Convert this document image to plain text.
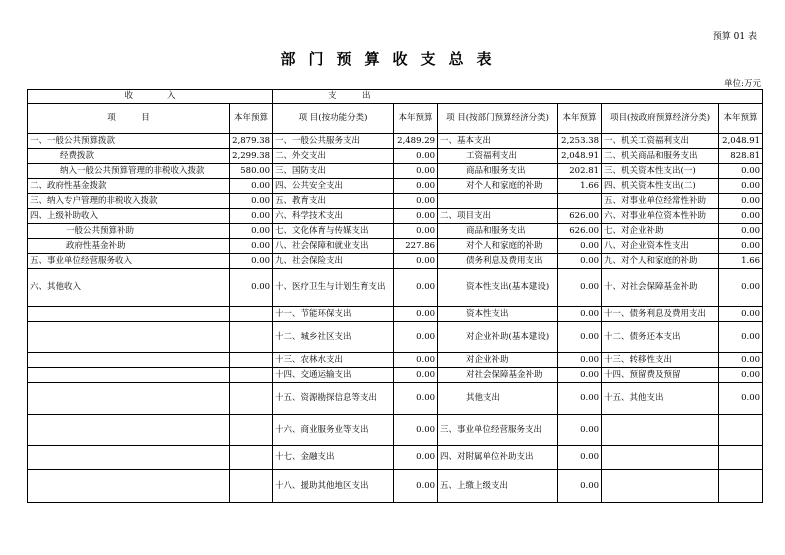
预算 01 表
部门预算收支总表
单位:万元
收　　　　入		支　　　出					
项　　　目	本年预算	项 目(按功能分类)	本年预算	项 目(按部门预算经济分类)	本年预算	项目(按政府预算经济分类)	本年预算
一、一般公共预算拨款	2,879.38	一、一般公共服务支出	2,489.29	一、基本支出	2,253.38	一、机关工资福利支出	2,048.91
经费拨款	2,299.38	二、外交支出	0.00	工资福利支出	2,048.91	二、机关商品和服务支出	828.81
纳入一般公共预算管理的非税收入拨款	580.00	三、国防支出	0.00	商品和服务支出	202.81	三、机关资本性支出(一)	0.00
二、政府性基金拨款	0.00	四、公共安全支出	0.00	对个人和家庭的补助	1.66	四、机关资本性支出(二)	0.00
三、纳入专户管理的非税收入拨款	0.00	五、教育支出	0.00			五、对事业单位经常性补助	0.00
四、上级补助收入	0.00	六、科学技术支出	0.00	二、项目支出	626.00	六、对事业单位资本性补助	0.00
一般公共预算补助	0.00	七、文化体育与传媒支出	0.00	商品和服务支出	626.00	七、对企业补助	0.00
政府性基金补助	0.00	八、社会保障和就业支出	227.86	对个人和家庭的补助	0.00	八、对企业资本性支出	0.00
五、事业单位经营服务收入	0.00	九、社会保险支出	0.00	债务利息及费用支出	0.00	九、对个人和家庭的补助	1.66
六、其他收入	0.00	十、医疗卫生与计划生育支出	0.00	资本性支出(基本建设)	0.00	十、对社会保障基金补助	0.00
		十一、节能环保支出	0.00	资本性支出	0.00	十一、债务利息及费用支出	0.00
		十二、城乡社区支出	0.00	对企业补助(基本建设)	0.00	十二、债务还本支出	0.00
		十三、农林水支出	0.00	对企业补助	0.00	十三、转移性支出	0.00
		十四、交通运输支出	0.00	对社会保障基金补助	0.00	十四、预留费及预留	0.00
		十五、资源勘探信息等支出	0.00	其他支出	0.00	十五、其他支出	0.00
		十六、商业服务业等支出	0.00	三、事业单位经营服务支出	0.00		
		十七、金融支出	0.00	四、对附属单位补助支出	0.00		
		十八、援助其他地区支出	0.00	五、上缴上级支出	0.00		
